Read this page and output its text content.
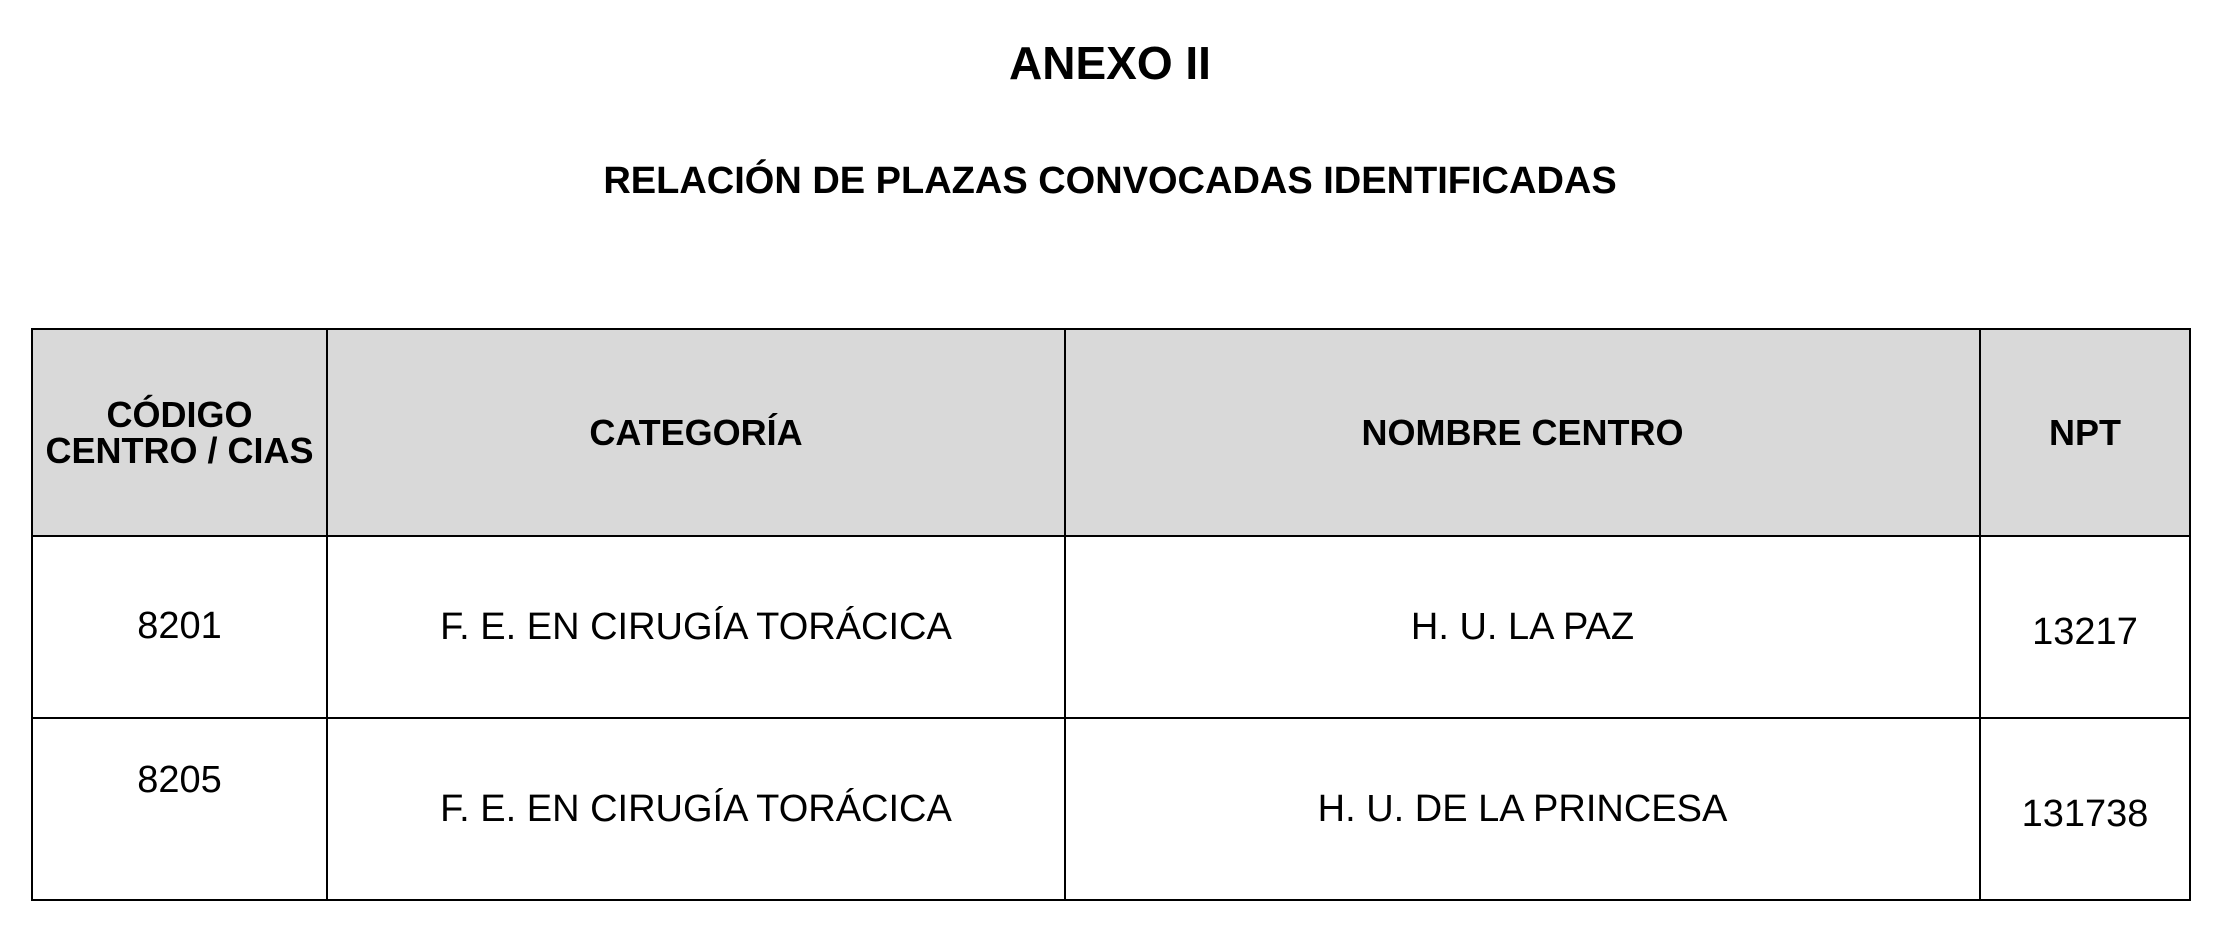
ANEXO II
RELACIÓN DE PLAZAS CONVOCADAS IDENTIFICADAS
CÓDIGO CENTRO / CIAS	CATEGORÍA	NOMBRE CENTRO	NPT

8201	F. E. EN CIRUGÍA TORÁCICA	H. U. LA PAZ	13217

8205	F. E. EN CIRUGÍA TORÁCICA	H. U. DE LA PRINCESA	131738
